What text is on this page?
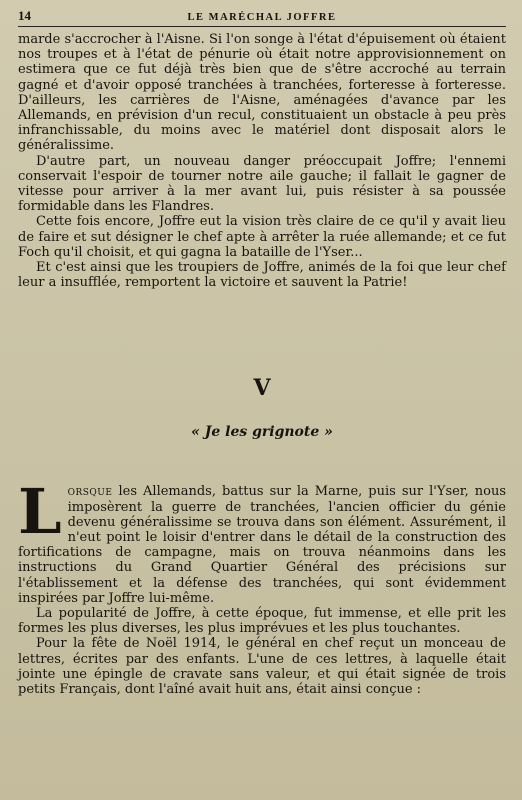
14	LE MARÉCHAL JOFFRE

marde s'accrocher à l'Aisne. Si l'on songe à l'état d'épuisement où étaient nos troupes et à l'état de pénurie où était notre approvisionnement on estimera que ce fut déjà très bien que de s'être accroché au terrain gagné et d'avoir opposé tranchées à tranchées, forteresse à forteresse. D'ailleurs, les carrières de l'Aisne, aménagées d'avance par les Allemands, en prévision d'un recul, constituaient un obstacle à peu près infranchissable, du moins avec le matériel dont disposait alors le généralissime.

D'autre part, un nouveau danger préoccupait Joffre; l'ennemi conservait l'espoir de tourner notre aile gauche; il fallait le gagner de vitesse pour arriver à la mer avant lui, puis résister à sa poussée formidable dans les Flandres.

Cette fois encore, Joffre eut la vision très claire de ce qu'il y avait lieu de faire et sut désigner le chef apte à arrêter la ruée allemande; et ce fut Foch qu'il choisit, et qui gagna la bataille de l'Yser...

Et c'est ainsi que les troupiers de Joffre, animés de la foi que leur chef leur a insufflée, remportent la victoire et sauvent la Patrie!

V
« Je les grignote »

Lorsque les Allemands, battus sur la Marne, puis sur l'Yser, nous imposèrent la guerre de tranchées, l'ancien officier du génie devenu généralissime se trouva dans son élément. Assurément, il n'eut point le loisir d'entrer dans le détail de la construction des fortifications de campagne, mais on trouva néanmoins dans les instructions du Grand Quartier Général des précisions sur l'établissement et la défense des tranchées, qui sont évidemment inspirées par Joffre lui-même.

La popularité de Joffre, à cette époque, fut immense, et elle prit les formes les plus diverses, les plus imprévues et les plus touchantes.

Pour la fête de Noël 1914, le général en chef reçut un monceau de lettres, écrites par des enfants. L'une de ces lettres, à laquelle était jointe une épingle de cravate sans valeur, et qui était signée de trois petits Français, dont l'aîné avait huit ans, était ainsi conçue :
